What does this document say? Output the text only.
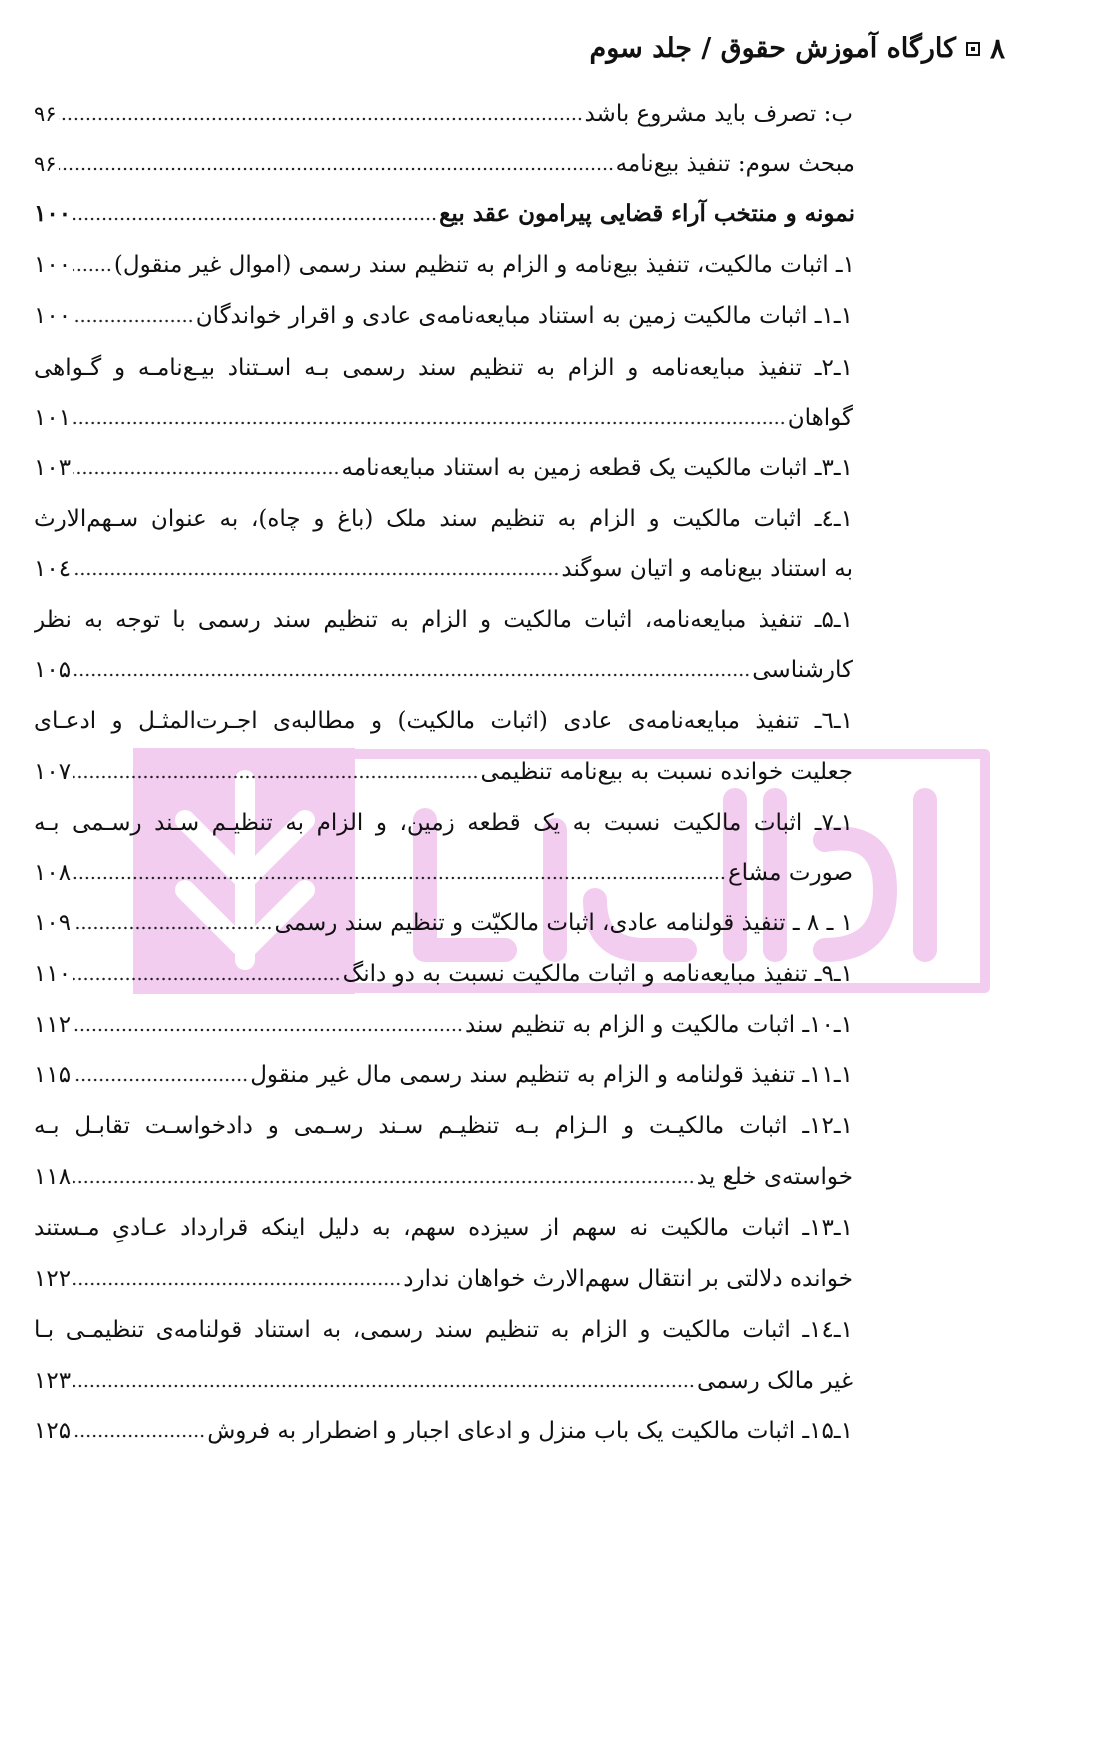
۸
کارگاه آموزش حقوق / جلد سوم
ب: تصرف باید مشروع باشد
۹۶
مبحث سوم: تنفیذ بیع‌نامه
۹۶
نمونه و منتخب آراء قضایی پیرامون عقد بیع
۱۰۰
۱ـ اثبات مالکیت، تنفیذ بیع‌نامه و الزام به تنظیم سند رسمی (اموال غیر منقول)
۱۰۰
۱ـ۱ـ اثبات مالکیت زمین به استناد مبایعه‌نامه‌ی عادی و اقرار خواندگان
۱۰۰
۱ـ۲ـ تنفیذ مبایعه‌نامه و الزام به تنظیم سند رسمی بـه اسـتناد بیـع‌نامـه و گـواهی
گواهان
۱۰۱
۱ـ۳ـ اثبات مالکیت یک قطعه زمین به استناد مبایعه‌نامه
۱۰۳
۱ـ٤ـ اثبات مالکیت و الزام به تنظیم سند ملک (باغ و چاه)، به عنوان سـهم‌الارث
به استناد بیع‌نامه و اتیان سوگند
۱۰٤
۱ـ۵ـ تنفیذ مبایعه‌نامه، اثبات مالکیت و الزام به تنظیم سند رسمی با توجه به نظر
کارشناسی
۱۰۵
۱ـ٦ـ تنفیذ مبایعه‌نامه‌ی عادی (اثبات مالکیت) و مطالبه‌ی اجـرت‌المثـل و ادعـای
جعلیت خوانده نسبت به بیع‌نامه تنظیمی
۱۰۷
۱ـ۷ـ اثبات مالکیت نسبت به یک قطعه زمین، و الزام به تنظیـم سـند رسـمی بـه
صورت مشاع
۱۰۸
۱ ـ ۸ ـ تنفیذ قولنامه عادی، اثبات مالکیّت و تنظیم سند رسمی
۱۰۹
۱ـ۹ـ تنفیذ مبایعه‌نامه و اثبات مالکیت نسبت به دو دانگ
۱۱۰
۱ـ۱۰ـ اثبات مالکیت و الزام به تنظیم سند
۱۱۲
۱ـ۱۱ـ تنفیذ قولنامه و الزام به تنظیم سند رسمی مال غیر منقول
۱۱۵
۱ـ۱۲ـ اثبات مالکیـت و الـزام بـه تنظیـم سـند رسـمی و دادخواسـت تقابـل بـه
خواسته‌ی خلع ید
۱۱۸
۱ـ۱۳ـ اثبات مالکیت نه سهم از سیزده سهم، به دلیل اینکه قرارداد عـادیِ مـستند
خوانده دلالتی بر انتقال سهم‌الارث خواهان ندارد
۱۲۲
۱ـ۱٤ـ اثبات مالکیت و الزام به تنظیم سند رسمی، به استناد قولنامه‌ی تنظیمـی بـا
غیر مالک رسمی
۱۲۳
۱ـ۱۵ـ اثبات مالکیت یک باب منزل و ادعای اجبار و اضطرار به فروش
۱۲۵
